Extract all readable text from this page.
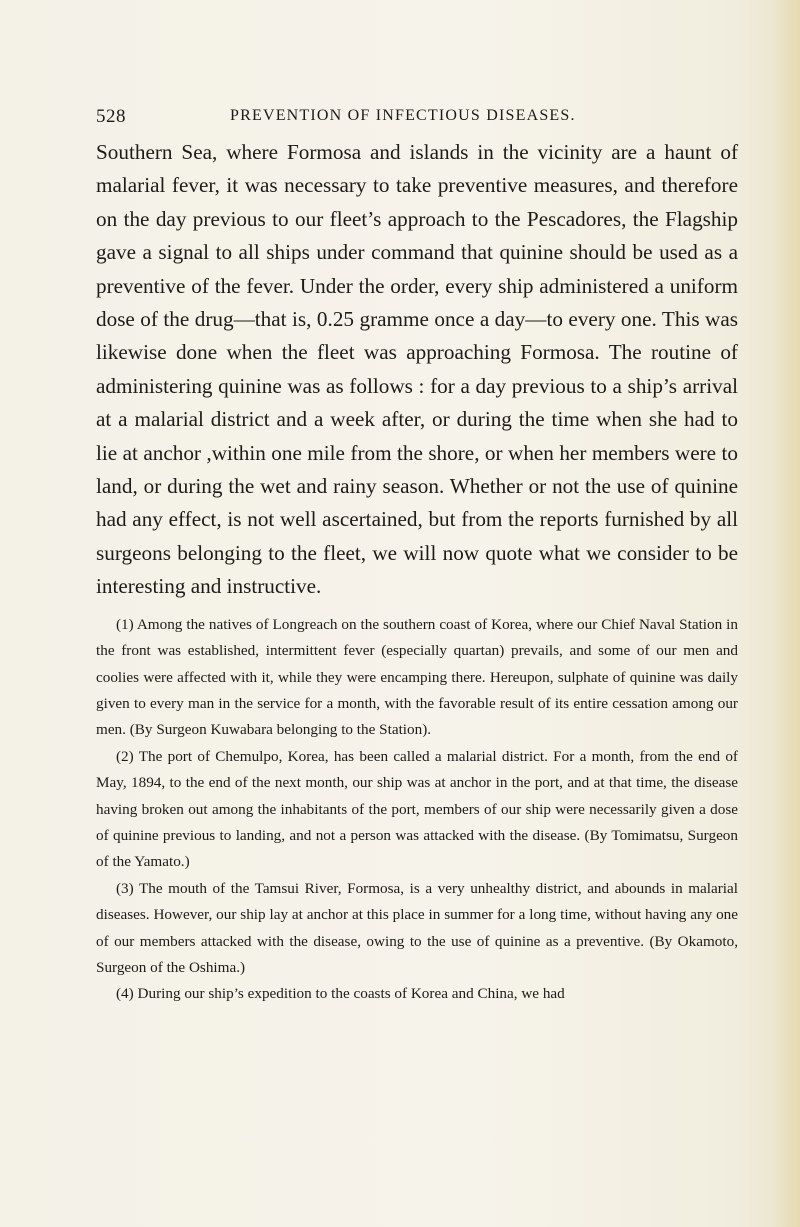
528	PREVENTION OF INFECTIOUS DISEASES.

Southern Sea, where Formosa and islands in the vicinity are a haunt of malarial fever, it was necessary to take preventive measures, and therefore on the day previous to our fleet’s approach to the Pescadores, the Flagship gave a signal to all ships under command that quinine should be used as a preventive of the fever. Under the order, every ship administered a uniform dose of the drug—that is, 0.25 gramme once a day—to every one. This was likewise done when the fleet was approaching Formosa. The routine of administering quinine was as follows : for a day previous to a ship’s arrival at a malarial district and a week after, or during the time when she had to lie at anchor ,within one mile from the shore, or when her members were to land, or during the wet and rainy season. Whether or not the use of quinine had any effect, is not well ascertained, but from the reports furnished by all surgeons belonging to the fleet, we will now quote what we consider to be interesting and instructive.

(1) Among the natives of Longreach on the southern coast of Korea, where our Chief Naval Station in the front was established, intermittent fever (especially quartan) prevails, and some of our men and coolies were affected with it, while they were encamping there. Hereupon, sulphate of quinine was daily given to every man in the service for a month, with the favorable result of its entire cessation among our men. (By Surgeon Kuwabara belonging to the Station).

(2) The port of Chemulpo, Korea, has been called a malarial district. For a month, from the end of May, 1894, to the end of the next month, our ship was at anchor in the port, and at that time, the disease having broken out among the inhabitants of the port, members of our ship were necessarily given a dose of quinine previous to landing, and not a person was attacked with the disease. (By Tomimatsu, Surgeon of the Yamato.)

(3) The mouth of the Tamsui River, Formosa, is a very unhealthy district, and abounds in malarial diseases. However, our ship lay at anchor at this place in summer for a long time, without having any one of our members attacked with the disease, owing to the use of quinine as a preventive. (By Okamoto, Surgeon of the Oshima.)

(4) During our ship’s expedition to the coasts of Korea and China, we had
